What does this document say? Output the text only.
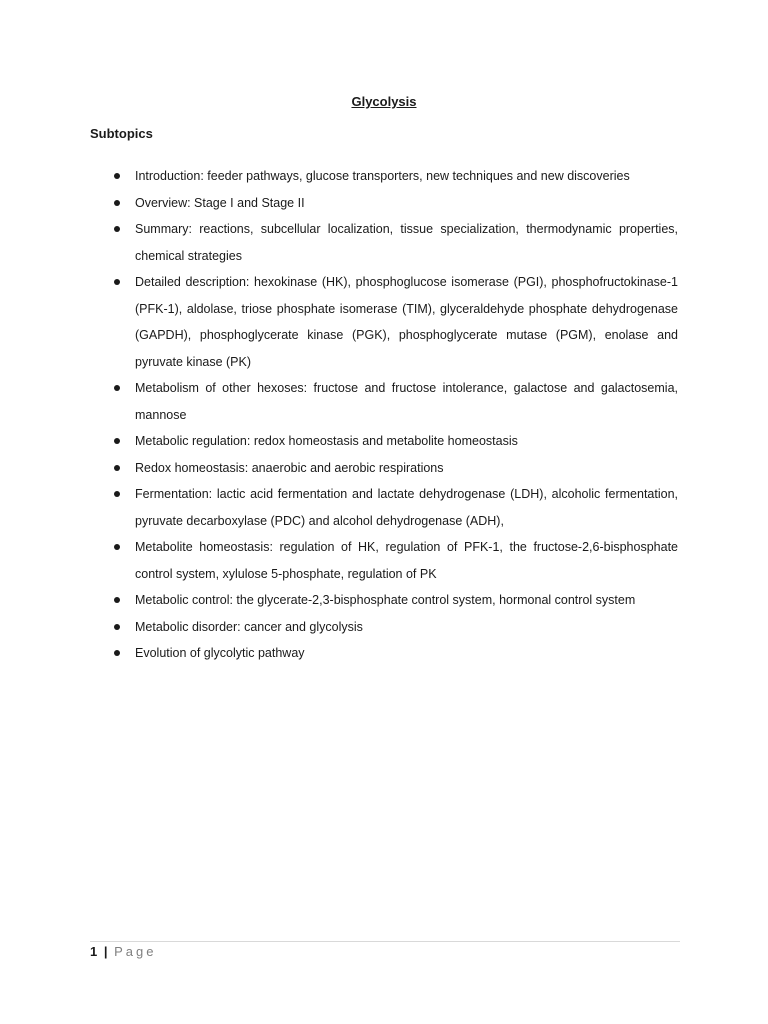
Glycolysis
Subtopics
Introduction: feeder pathways, glucose transporters, new techniques and new discoveries
Overview: Stage I and Stage II
Summary: reactions, subcellular localization, tissue specialization, thermodynamic properties, chemical strategies
Detailed description: hexokinase (HK), phosphoglucose isomerase (PGI), phosphofructokinase-1 (PFK-1), aldolase, triose phosphate isomerase (TIM), glyceraldehyde phosphate dehydrogenase (GAPDH), phosphoglycerate kinase (PGK), phosphoglycerate mutase (PGM), enolase and pyruvate kinase (PK)
Metabolism of other hexoses: fructose and fructose intolerance, galactose and galactosemia, mannose
Metabolic regulation: redox homeostasis and metabolite homeostasis
Redox homeostasis: anaerobic and aerobic respirations
Fermentation: lactic acid fermentation and lactate dehydrogenase (LDH), alcoholic fermentation, pyruvate decarboxylase (PDC) and alcohol dehydrogenase (ADH),
Metabolite homeostasis: regulation of HK, regulation of PFK-1, the fructose-2,6-bisphosphate control system, xylulose 5-phosphate, regulation of PK
Metabolic control: the glycerate-2,3-bisphosphate control system, hormonal control system
Metabolic disorder: cancer and glycolysis
Evolution of glycolytic pathway
1 | Page
